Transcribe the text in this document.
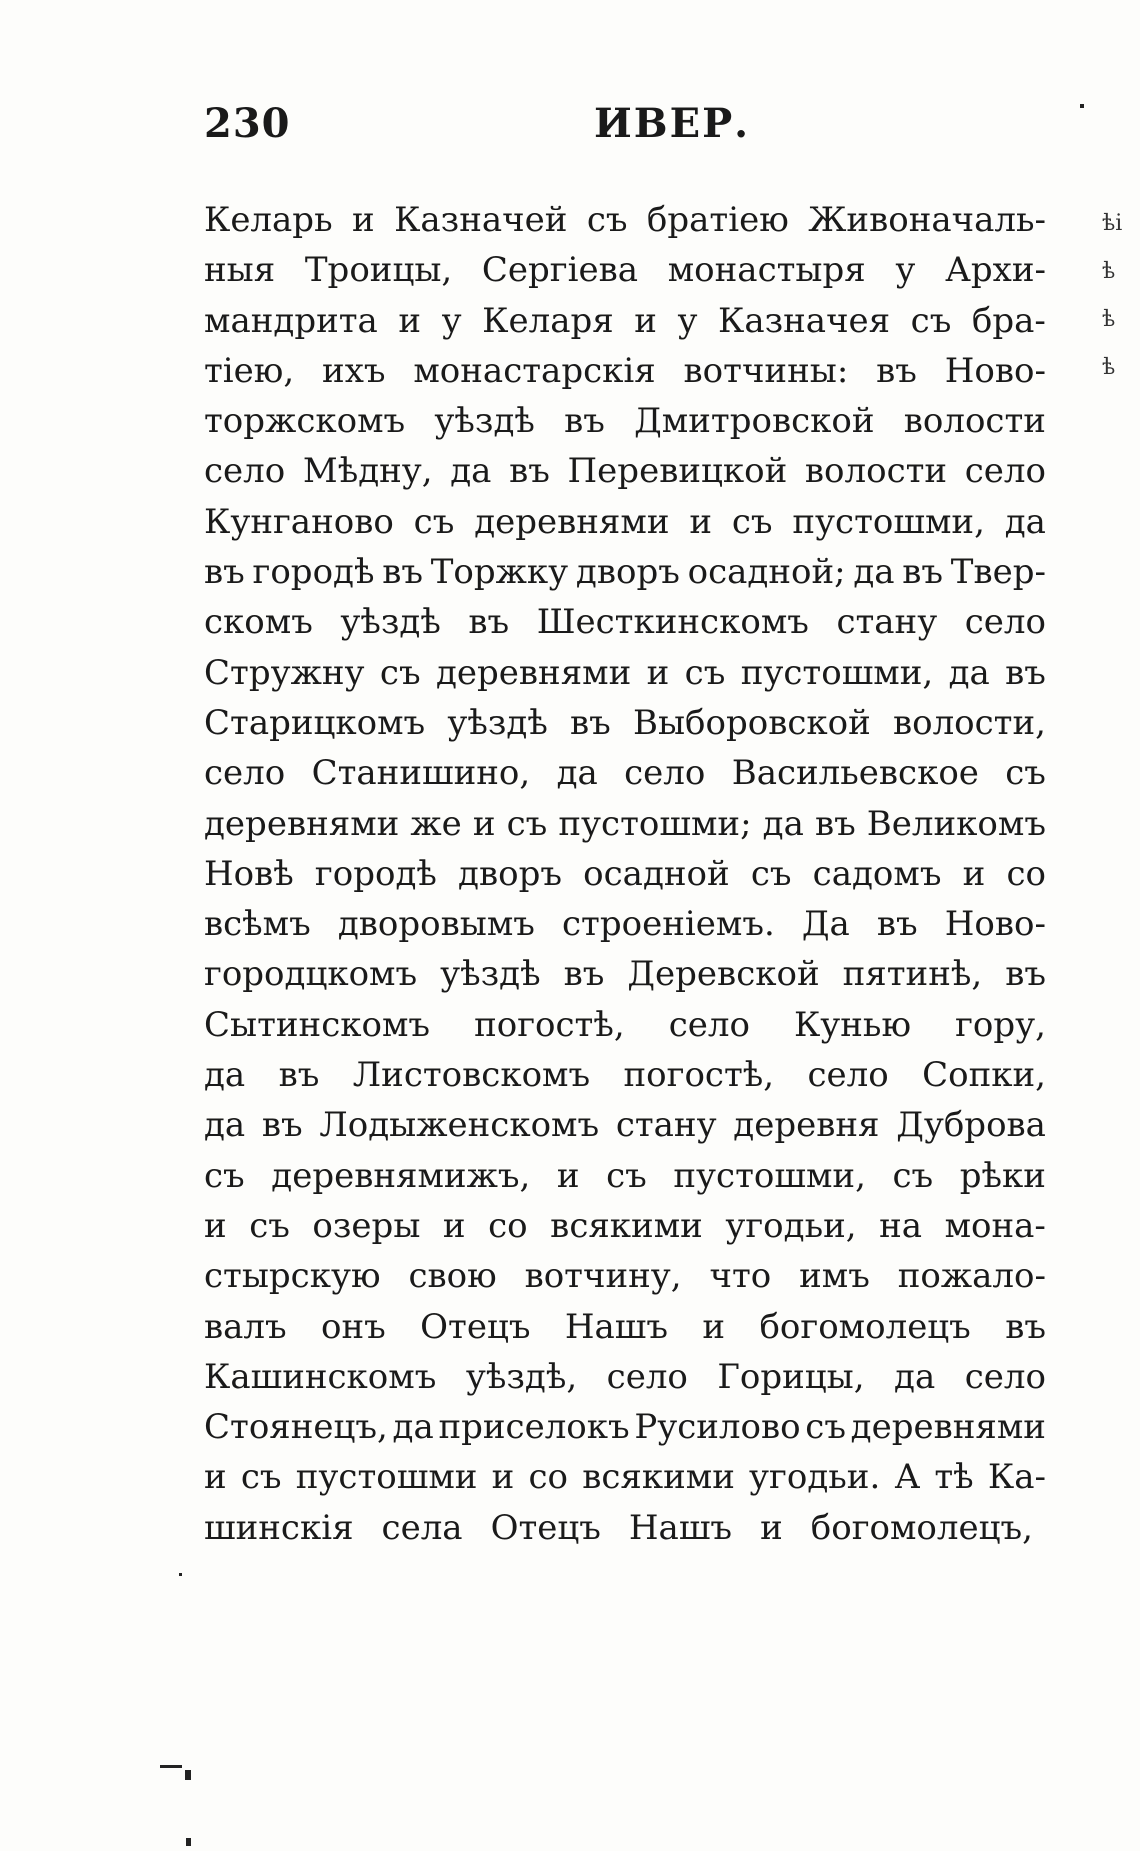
230	ИВЕР.
Келарь и Казначей съ братiею Живоначаль-
ныя Троицы, Сергiева монастыря у Архи-
мандрита и у Келаря и у Казначея съ бра-
тiею, ихъ монастарскiя вотчины: въ Ново-
торжскомъ уѣздѣ въ Дмитровской волости
село Мѣдну, да въ Перевицкой волости село
Кунганово съ деревнями и съ пустошми, да
въ городѣ въ Торжку дворъ осадной; да въ Твер-
скомъ уѣздѣ въ Шесткинскомъ стану село
Стружну съ деревнями и съ пустошми, да въ
Старицкомъ уѣздѣ въ Выборовской волости,
село Станишино, да село Васильевское съ
деревнями же и съ пустошми; да въ Великомъ
Новѣ городѣ дворъ осадной съ садомъ и со
всѣмъ дворовымъ строенiемъ. Да въ Ново-
городцкомъ уѣздѣ въ Деревской пятинѣ, въ
Сытинскомъ погостѣ, село Кунью гору,
да въ Листовскомъ погостѣ, село Сопки,
да въ Лодыженскомъ стану деревня Дуброва
съ деревнямижъ, и съ пустошми, съ рѣки
и съ озеры и со всякими угодьи, на мона-
стырскую свою вотчину, что имъ пожало-
валъ онъ Отецъ Нашъ и богомолецъ въ
Кашинскомъ уѣздѣ, село Горицы, да село
Стоянецъ, да приселокъ Русилово съ деревнями
и съ пустошми и со всякими угодьи. А тѣ Ка-
шинскiя села Отецъ Нашъ и богомолецъ,
ѣi
ѣ
ѣ
ѣ
